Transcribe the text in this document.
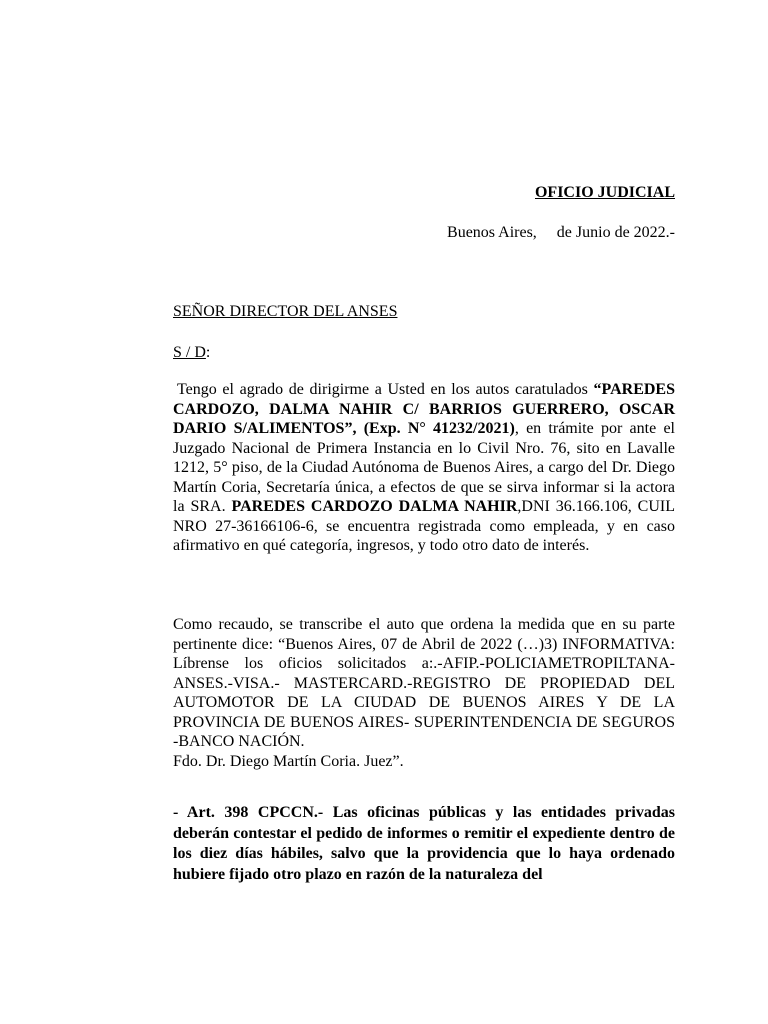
OFICIO JUDICIAL
Buenos Aires, de Junio de 2022.-
SEÑOR DIRECTOR DEL ANSES
S / D:

Tengo el agrado de dirigirme a Usted en los autos caratulados “PAREDES CARDOZO, DALMA NAHIR C/ BARRIOS GUERRERO, OSCAR DARIO S/ALIMENTOS”, (Exp. N° 41232/2021), en trámite por ante el Juzgado Nacional de Primera Instancia en lo Civil Nro. 76, sito en Lavalle 1212, 5° piso, de la Ciudad Autónoma de Buenos Aires, a cargo del Dr. Diego Martín Coria, Secretaría única, a efectos de que se sirva informar si la actora la SRA. PAREDES CARDOZO DALMA NAHIR,DNI 36.166.106, CUIL NRO 27-36166106-6, se encuentra registrada como empleada, y en caso afirmativo en qué categoría, ingresos, y todo otro dato de interés.

Como recaudo, se transcribe el auto que ordena la medida que en su parte pertinente dice: “Buenos Aires, 07 de Abril de 2022 (…)3) INFORMATIVA: Líbrense los oficios solicitados a:.-AFIP.-POLICIAMETROPILTANA-ANSES.-VISA.- MASTERCARD.-REGISTRO DE PROPIEDAD DEL AUTOMOTOR DE LA CIUDAD DE BUENOS AIRES Y DE LA PROVINCIA DE BUENOS AIRES- SUPERINTENDENCIA DE SEGUROS -BANCO NACIÓN.
Fdo. Dr. Diego Martín Coria. Juez”.

- Art. 398 CPCCN.- Las oficinas públicas y las entidades privadas deberán contestar el pedido de informes o remitir el expediente dentro de los diez días hábiles, salvo que la providencia que lo haya ordenado hubiere fijado otro plazo en razón de la naturaleza del
